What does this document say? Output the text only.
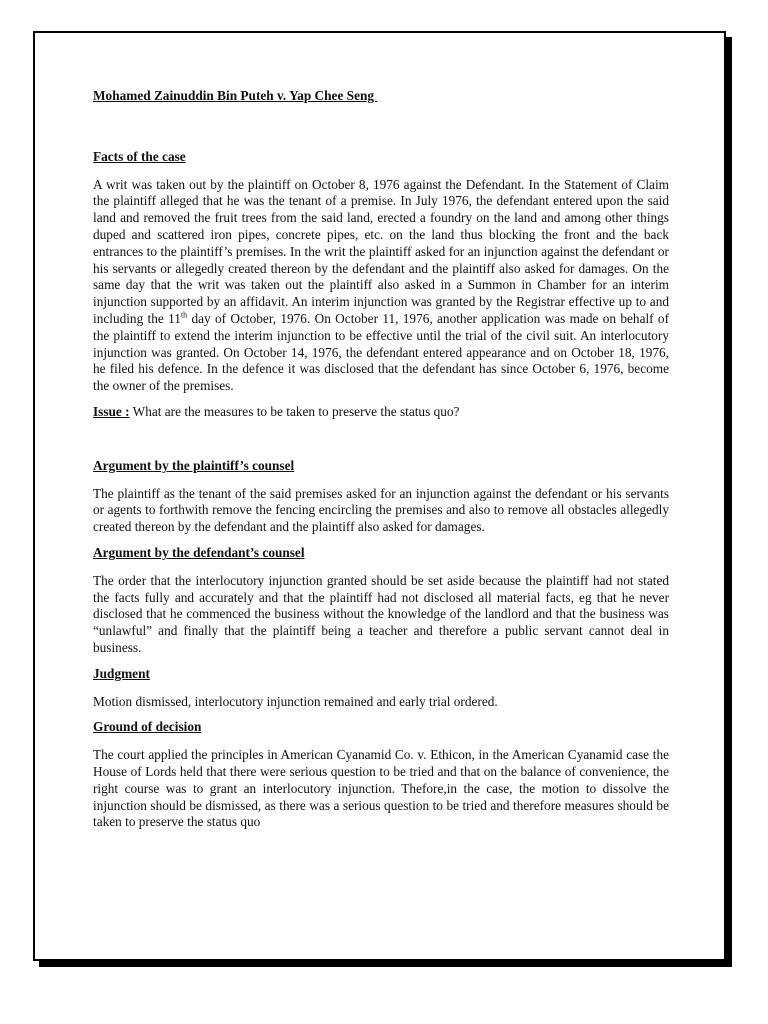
Mohamed Zainuddin Bin Puteh v. Yap Chee Seng
Facts of the case

A writ was taken out by the plaintiff on October 8, 1976 against the Defendant. In the Statement of Claim the plaintiff alleged that he was the tenant of a premise. In July 1976, the defendant entered upon the said land and removed the fruit trees from the said land, erected a foundry on the land and among other things duped and scattered iron pipes, concrete pipes, etc. on the land thus blocking the front and the back entrances to the plaintiff’s premises. In the writ the plaintiff asked for an injunction against the defendant or his servants or allegedly created thereon by the defendant and the plaintiff also asked for damages. On the same day that the writ was taken out the plaintiff also asked in a Summon in Chamber for an interim injunction supported by an affidavit. An interim injunction was granted by the Registrar effective up to and including the 11th day of October, 1976. On October 11, 1976, another application was made on behalf of the plaintiff to extend the interim injunction to be effective until the trial of the civil suit. An interlocutory injunction was granted. On October 14, 1976, the defendant entered appearance and on October 18, 1976, he filed his defence. In the defence it was disclosed that the defendant has since October 6, 1976, become the owner of the premises.

Issue : What are the measures to be taken to preserve the status quo?
Argument by the plaintiff’s counsel

The plaintiff as the tenant of the said premises asked for an injunction against the defendant or his servants or agents to forthwith remove the fencing encircling the premises and also to remove all obstacles allegedly created thereon by the defendant and the plaintiff also asked for damages.

Argument by the defendant’s counsel

The order that the interlocutory injunction granted should be set aside because the plaintiff had not stated the facts fully and accurately and that the plaintiff had not disclosed all material facts, eg that he never disclosed that he commenced the business without the knowledge of the landlord and that the business was “unlawful” and finally that the plaintiff being a teacher and therefore a public servant cannot deal in business.

Judgment

Motion dismissed, interlocutory injunction remained and early trial ordered.

Ground of decision

The court applied the principles in American Cyanamid Co. v. Ethicon, in the American Cyanamid case the House of Lords held that there were serious question to be tried and that on the balance of convenience, the right course was to grant an interlocutory injunction. Thefore,in the case, the motion to dissolve the injunction should be dismissed, as there was a serious question to be tried and therefore measures should be taken to preserve the status quo
